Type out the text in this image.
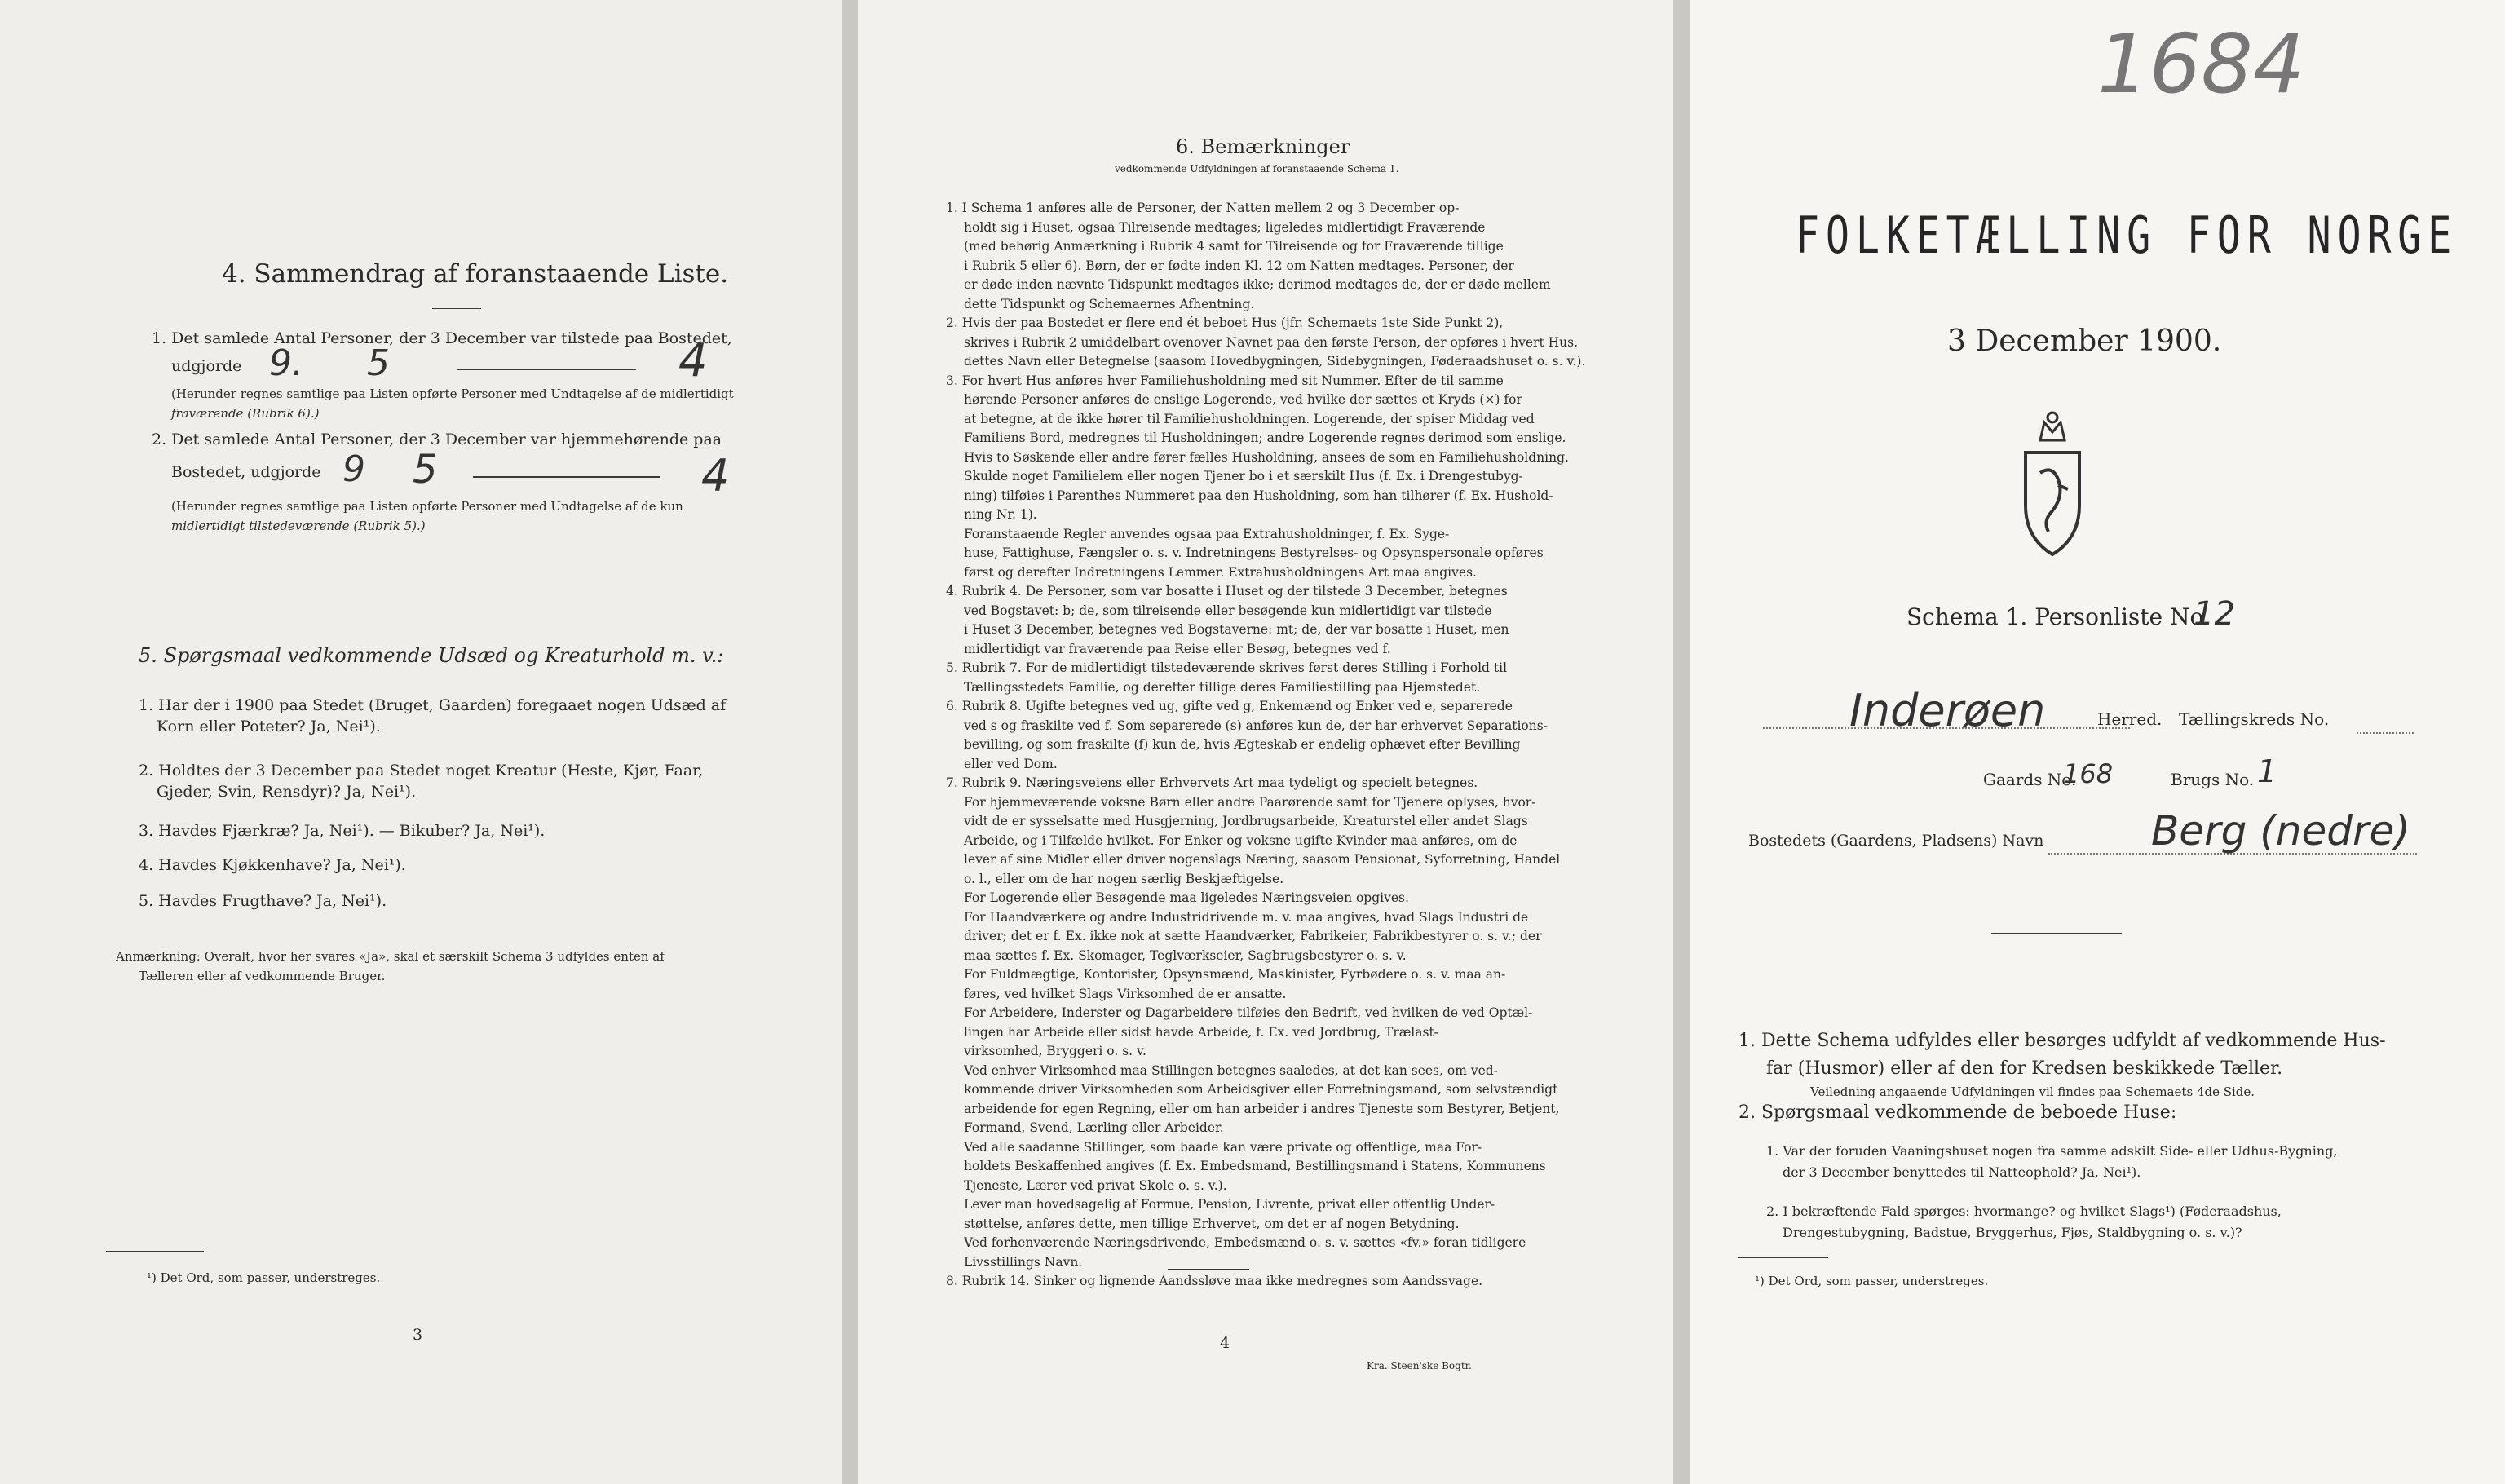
4. Sammendrag af foranstaaende Liste.
1. Det samlede Antal Personer, der 3 December var tilstede paa Bostedet,
udgjorde 9. 5	4
(Herunder regnes samtlige paa Listen opførte Personer med Undtagelse af de midlertidigt
fraværende (Rubrik 6).)
2. Det samlede Antal Personer, der 3 December var hjemmehørende paa
Bostedet, udgjorde 9 5	4
(Herunder regnes samtlige paa Listen opførte Personer med Undtagelse af de kun
midlertidigt tilstedeværende (Rubrik 5).)
5. Spørgsmaal vedkommende Udsæd og Kreaturhold m. v.:
1. Har der i 1900 paa Stedet (Bruget, Gaarden) foregaaet nogen Udsæd af
Korn eller Poteter? Ja, Nei¹).
2. Holdtes der 3 December paa Stedet noget Kreatur (Heste, Kjør, Faar,
Gjeder, Svin, Rensdyr)? Ja, Nei¹).
3. Havdes Fjærkræ? Ja, Nei¹). — Bikuber? Ja, Nei¹).
4. Havdes Kjøkkenhave? Ja, Nei¹).
5. Havdes Frugthave? Ja, Nei¹).
Anmærkning: Overalt, hvor her svares «Ja», skal et særskilt Schema 3 udfyldes enten af
Tælleren eller af vedkommende Bruger.
¹) Det Ord, som passer, understreges.
3
6. Bemærkninger
vedkommende Udfyldningen af foranstaaende Schema 1.
1. I Schema 1 anføres alle de Personer, der Natten mellem 2 og 3 December op-
holdt sig i Huset, ogsaa Tilreisende medtages; ligeledes midlertidigt Fraværende
(med behørig Anmærkning i Rubrik 4 samt for Tilreisende og for Fraværende tillige
i Rubrik 5 eller 6). Børn, der er fødte inden Kl. 12 om Natten medtages. Personer, der
er døde inden nævnte Tidspunkt medtages ikke; derimod medtages de, der er døde mellem
dette Tidspunkt og Schemaernes Afhentning.
2. Hvis der paa Bostedet er flere end ét beboet Hus (jfr. Schemaets 1ste Side Punkt 2),
skrives i Rubrik 2 umiddelbart ovenover Navnet paa den første Person, der opføres i hvert Hus,
dettes Navn eller Betegnelse (saasom Hovedbygningen, Sidebygningen, Føderaadshuset o. s. v.).
3. For hvert Hus anføres hver Familiehusholdning med sit Nummer. Efter de til samme
hørende Personer anføres de enslige Logerende, ved hvilke der sættes et Kryds (×) for
at betegne, at de ikke hører til Familiehusholdningen. Logerende, der spiser Middag ved
Familiens Bord, medregnes til Husholdningen; andre Logerende regnes derimod som enslige.
Hvis to Søskende eller andre fører fælles Husholdning, ansees de som en Familiehusholdning.
Skulde noget Familielem eller nogen Tjener bo i et særskilt Hus (f. Ex. i Drengestubyg-
ning) tilføies i Parenthes Nummeret paa den Husholdning, som han tilhører (f. Ex. Hushold-
ning Nr. 1).
Foranstaaende Regler anvendes ogsaa paa Extrahusholdninger, f. Ex. Syge-
huse, Fattighuse, Fængsler o. s. v. Indretningens Bestyrelses- og Opsynspersonale opføres
først og derefter Indretningens Lemmer. Extrahusholdningens Art maa angives.
4. Rubrik 4. De Personer, som var bosatte i Huset og der tilstede 3 December, betegnes
ved Bogstavet: b; de, som tilreisende eller besøgende kun midlertidigt var tilstede
i Huset 3 December, betegnes ved Bogstaverne: mt; de, der var bosatte i Huset, men
midlertidigt var fraværende paa Reise eller Besøg, betegnes ved f.
5. Rubrik 7. For de midlertidigt tilstedeværende skrives først deres Stilling i Forhold til
Tællingsstedets Familie, og derefter tillige deres Familiestilling paa Hjemstedet.
6. Rubrik 8. Ugifte betegnes ved ug, gifte ved g, Enkemænd og Enker ved e, separerede
ved s og fraskilte ved f. Som separerede (s) anføres kun de, der har erhvervet Separations-
bevilling, og som fraskilte (f) kun de, hvis Ægteskab er endelig ophævet efter Bevilling
eller ved Dom.
7. Rubrik 9. Næringsveiens eller Erhvervets Art maa tydeligt og specielt betegnes.
For hjemmeværende voksne Børn eller andre Paarørende samt for Tjenere oplyses, hvor-
vidt de er sysselsatte med Husgjerning, Jordbrugsarbeide, Kreaturstel eller andet Slags
Arbeide, og i Tilfælde hvilket. For Enker og voksne ugifte Kvinder maa anføres, om de
lever af sine Midler eller driver nogenslags Næring, saasom Pensionat, Syforretning, Handel
o. l., eller om de har nogen særlig Beskjæftigelse.
For Logerende eller Besøgende maa ligeledes Næringsveien opgives.
For Haandværkere og andre Industridrivende m. v. maa angives, hvad Slags Industri de
driver; det er f. Ex. ikke nok at sætte Haandværker, Fabrikeier, Fabrikbestyrer o. s. v.; der
maa sættes f. Ex. Skomager, Teglværkseier, Sagbrugsbestyrer o. s. v.
For Fuldmægtige, Kontorister, Opsynsmænd, Maskinister, Fyrbødere o. s. v. maa an-
føres, ved hvilket Slags Virksomhed de er ansatte.
For Arbeidere, Inderster og Dagarbeidere tilføies den Bedrift, ved hvilken de ved Optæl-
lingen har Arbeide eller sidst havde Arbeide, f. Ex. ved Jordbrug, Trælast-
virksomhed, Bryggeri o. s. v.
Ved enhver Virksomhed maa Stillingen betegnes saaledes, at det kan sees, om ved-
kommende driver Virksomheden som Arbeidsgiver eller Forretningsmand, som selvstændigt
arbeidende for egen Regning, eller om han arbeider i andres Tjeneste som Bestyrer, Betjent,
Formand, Svend, Lærling eller Arbeider.
Ved alle saadanne Stillinger, som baade kan være private og offentlige, maa For-
holdets Beskaffenhed angives (f. Ex. Embedsmand, Bestillingsmand i Statens, Kommunens
Tjeneste, Lærer ved privat Skole o. s. v.).
Lever man hovedsagelig af Formue, Pension, Livrente, privat eller offentlig Under-
støttelse, anføres dette, men tillige Erhvervet, om det er af nogen Betydning.
Ved forhenværende Næringsdrivende, Embedsmænd o. s. v. sættes «fv.» foran tidligere
Livsstillings Navn.
8. Rubrik 14. Sinker og lignende Aandssløve maa ikke medregnes som Aandssvage.
4
Kra. Steen'ske Bogtr.
1684
FOLKETÆLLING FOR NORGE
3 December 1900.
Schema 1. Personliste No.
12
Inderøen	Herred. Tællingskreds No.
Gaards No.
168	Brugs No. 1
Bostedets (Gaardens, Pladsens) Navn	Berg (nedre)
1. Dette Schema udfyldes eller besørges udfyldt af vedkommende Hus-
far (Husmor) eller af den for Kredsen beskikkede Tæller.
Veiledning angaaende Udfyldningen vil findes paa Schemaets 4de Side.
2. Spørgsmaal vedkommende de beboede Huse:
1. Var der foruden Vaaningshuset nogen fra samme adskilt Side- eller Udhus-Bygning,
der 3 December benyttedes til Natteophold? Ja, Nei¹).
2. I bekræftende Fald spørges: hvormange? og hvilket Slags¹) (Føderaadshus,
Drengestubygning, Badstue, Bryggerhus, Fjøs, Staldbygning o. s. v.)?
¹) Det Ord, som passer, understreges.
